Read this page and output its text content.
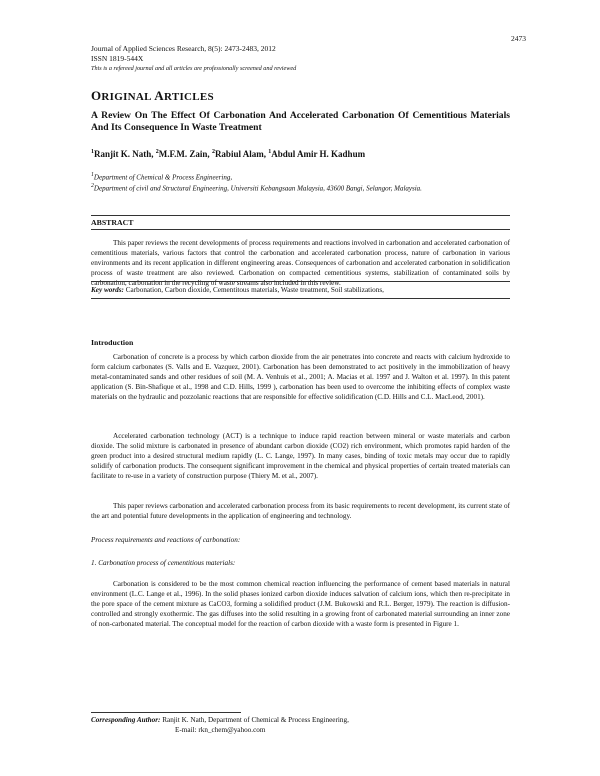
2473
Journal of Applied Sciences Research, 8(5): 2473-2483, 2012
ISSN 1819-544X
This is a refereed journal and all articles are professionally screened and reviewed
ORIGINAL ARTICLES
A Review On The Effect Of Carbonation And Accelerated Carbonation Of Cementitious Materials And Its Consequence In Waste Treatment
$^1$Ranjit K. Nath, $^2$M.F.M. Zain, $^2$Rabiul Alam, $^1$Abdul Amir H. Kadhum
$^1$Department of Chemical & Process Engineering,
$^2$Department of civil and Structural Engineering, Universiti Kebangsaan Malaysia, 43600 Bangi, Selangor, Malaysia.
ABSTRACT
This paper reviews the recent developments of process requirements and reactions involved in carbonation and accelerated carbonation of cementitious materials, various factors that control the carbonation and accelerated carbonation process, nature of carbonation in various environments and its recent application in different engineering areas. Consequences of carbonation and accelerated carbonation in solidification process of waste treatment are also reviewed. Carbonation on compacted cementitious systems, stabilization of contaminated soils by carbonation, carbonation in the recycling of waste streams also included in this review.
Key words: Carbonation, Carbon dioxide, Cementitous materials, Waste treatment, Soil stabilizations,
Introduction
Carbonation of concrete is a process by which carbon dioxide from the air penetrates into concrete and reacts with calcium hydroxide to form calcium carbonates (S. Valls and E. Vazquez, 2001). Carbonation has been demonstrated to act positively in the immobilization of heavy metal-contaminated sands and other residues of soil (M. A. Venhuis et al., 2001; A. Macias et al. 1997 and J. Walton et al. 1997). In this patent application (S. Bin-Shafique et al., 1998 and C.D. Hills, 1999 ), carbonation has been used to overcome the inhibiting effects of complex waste materials on the hydraulic and pozzolanic reactions that are responsible for effective solidification (C.D. Hills and C.L. MacLeod, 2001).
Accelerated carbonation technology (ACT) is a technique to induce rapid reaction between mineral or waste materials and carbon dioxide. The solid mixture is carbonated in presence of abundant carbon dioxide (CO2) rich environment, which promotes rapid harden of the green product into a desired structural medium rapidly (L. C. Lange, 1997). In many cases, binding of toxic metals may occur due to rapidly solidify of carbonation products. The consequent significant improvement in the chemical and physical properties of certain treated materials can facilitate to re-use in a variety of construction purpose (Thiery M. et al., 2007).
This paper reviews carbonation and accelerated carbonation process from its basic requirements to recent development, its current state of the art and potential future developments in the application of engineering and technology.
Process requirements and reactions of carbonation:
1. Carbonation process of cementitious materials:
Carbonation is considered to be the most common chemical reaction influencing the performance of cement based materials in natural environment (L.C. Lange et al., 1996). In the solid phases ionized carbon dioxide induces salvation of calcium ions, which then re-precipitate in the pore space of the cement mixture as CaCO3, forming a solidified product (J.M. Bukowski and R.L. Berger, 1979). The reaction is diffusion-controlled and strongly exothermic. The gas diffuses into the solid resulting in a growing front of carbonated material surrounding an inner zone of non-carbonated material. The conceptual model for the reaction of carbon dioxide with a waste form is presented in Figure 1.
Corresponding Author: Ranjit K. Nath, Department of Chemical & Process Engineering,
E-mail: rkn_chem@yahoo.com
